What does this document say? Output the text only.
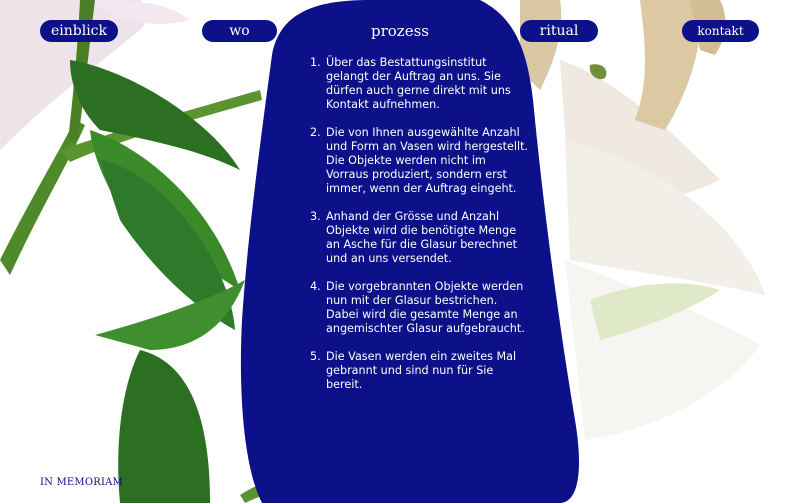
einblick	wo	prozess	ritual	kontakt
1. Über das Bestattungsinstitut gelangt der Auftrag an uns. Sie dürfen auch gerne direkt mit uns Kontakt aufnehmen.
2. Die von Ihnen ausgewählte Anzahl und Form an Vasen wird hergestellt. Die Objekte werden nicht im Vorraus produziert, sondern erst immer, wenn der Auftrag eingeht.
3. Anhand der Grösse und Anzahl Objekte wird die benötigte Menge an Asche für die Glasur berechnet und an uns versendet.
4. Die vorgebrannten Objekte werden nun mit der Glasur bestrichen. Dabei wird die gesamte Menge an angemischter Glasur aufgebraucht.
5. Die Vasen werden ein zweites Mal gebrannt und sind nun für Sie bereit.
IN MEMORIAM
